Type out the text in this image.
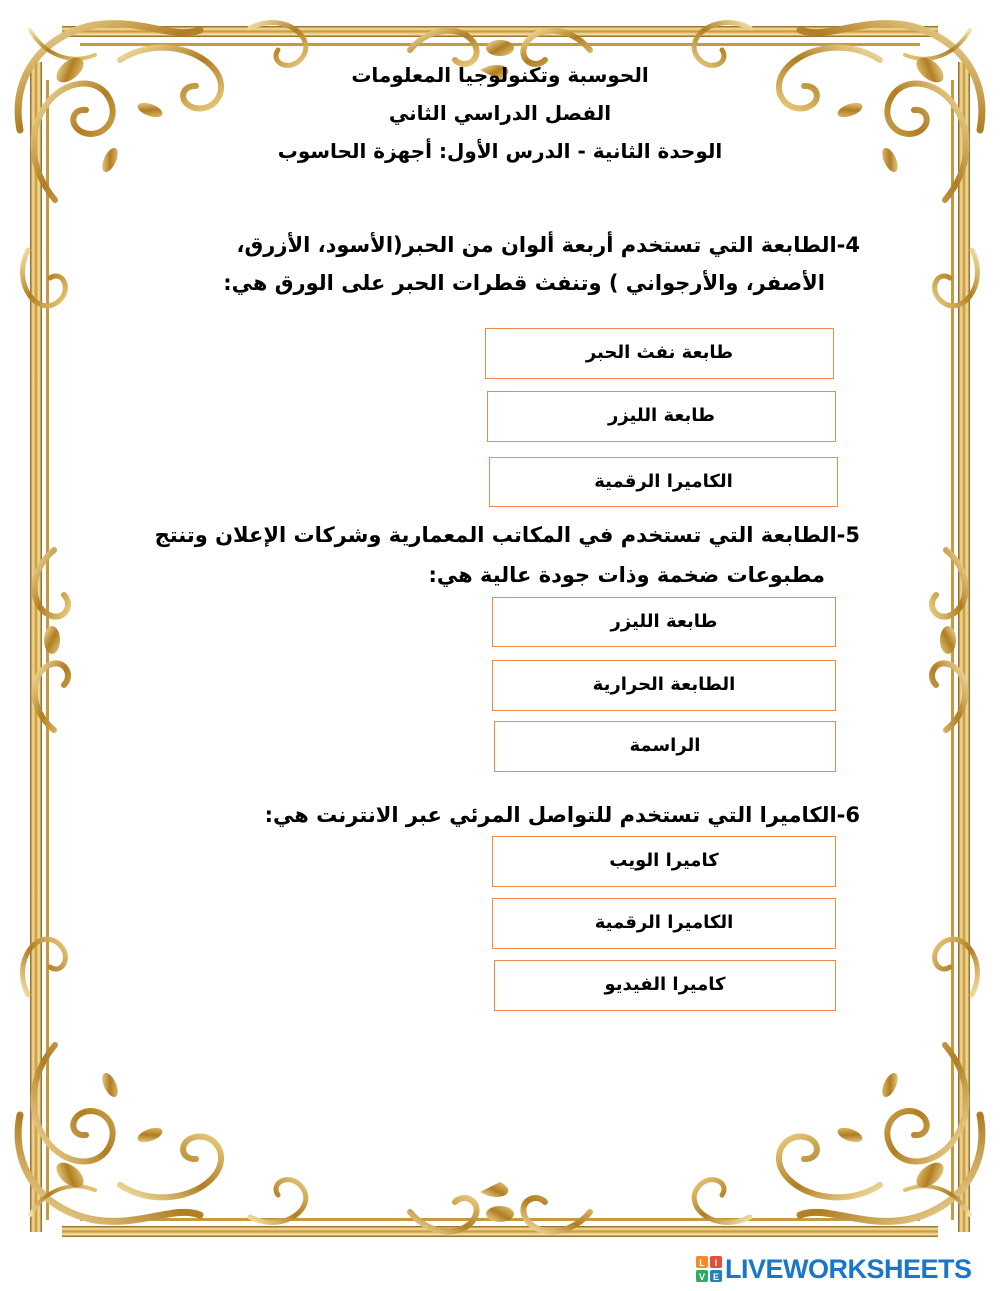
الحوسبة وتكنولوجيا المعلومات
الفصل الدراسي الثاني
الوحدة الثانية - الدرس الأول: أجهزة الحاسوب
4-الطابعة التي تستخدم أربعة ألوان من الحبر(الأسود، الأزرق،
الأصفر، والأرجواني ) وتنفث قطرات الحبر على الورق هي:
طابعة نفث الحبر
طابعة الليزر
الكاميرا الرقمية
5-الطابعة التي تستخدم في المكاتب المعمارية وشركات الإعلان وتنتج
مطبوعات ضخمة وذات جودة عالية هي:
طابعة الليزر
الطابعة الحرارية
الراسمة
6-الكاميرا التي تستخدم للتواصل المرئي عبر الانترنت هي:
كاميرا الويب
الكاميرا الرقمية
كاميرا الفيديو
L I
V E LIVEWORKSHEETS
